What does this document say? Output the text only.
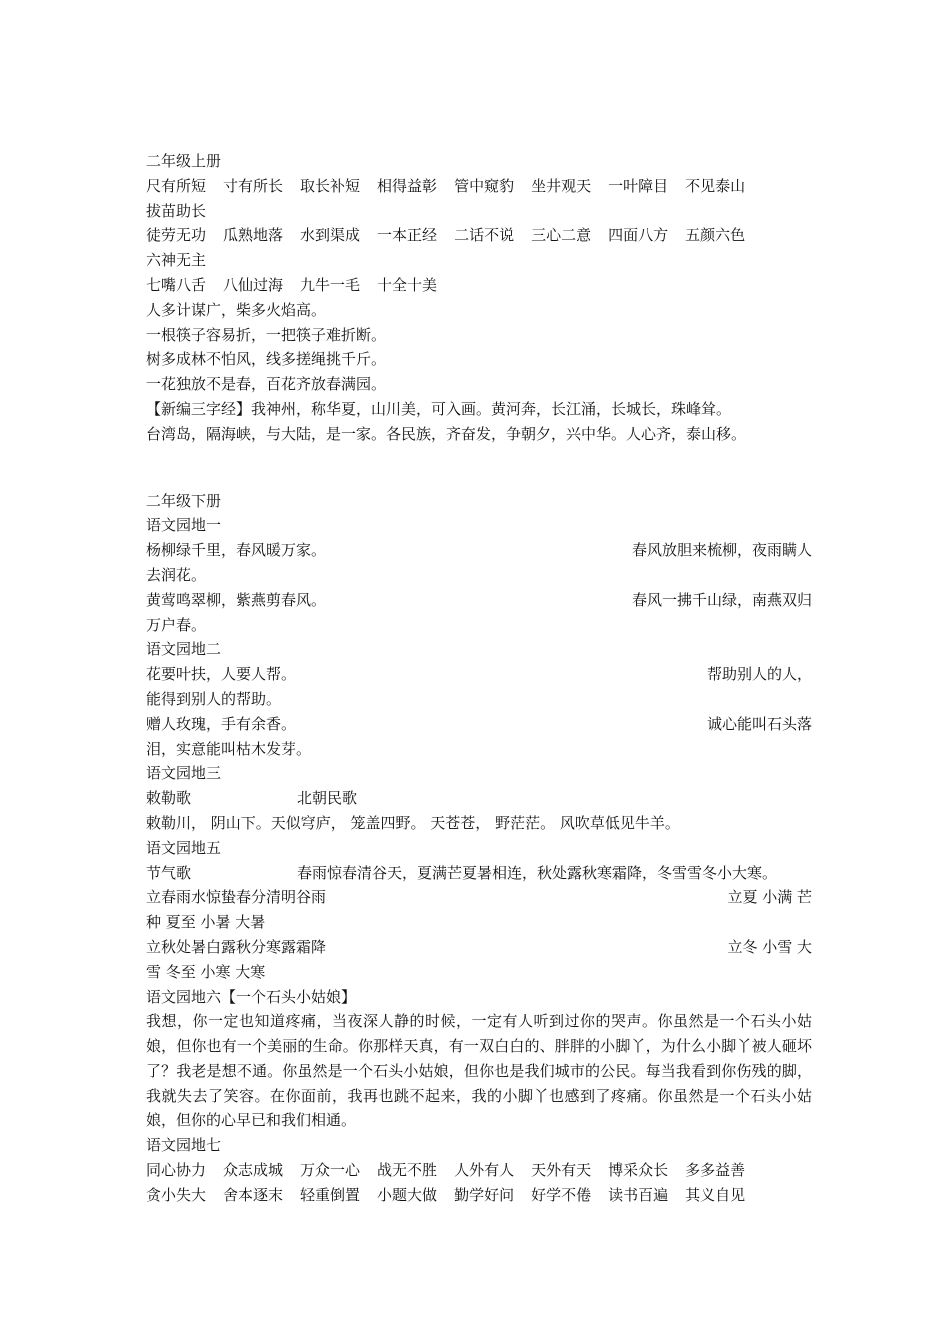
二年级上册
尺有所短 寸有所长 取长补短 相得益彰 管中窥豹 坐井观天 一叶障目 不见泰山
拔苗助长
徒劳无功 瓜熟地落 水到渠成 一本正经 二话不说 三心二意 四面八方 五颜六色
六神无主
七嘴八舌 八仙过海 九牛一毛 十全十美
人多计谋广，柴多火焰高。
一根筷子容易折，一把筷子难折断。
树多成林不怕风，线多搓绳挑千斤。
一花独放不是春，百花齐放春满园。
【新编三字经】我神州，称华夏，山川美，可入画。黄河奔，长江涌，长城长，珠峰耸。
台湾岛，隔海峡，与大陆，是一家。各民族，齐奋发，争朝夕，兴中华。人心齐，泰山移。
二年级下册
语文园地一
杨柳绿千里，春风暖万家。	春风放胆来梳柳，夜雨瞒人
去润花。
黄莺鸣翠柳，紫燕剪春风。	春风一拂千山绿，南燕双归
万户春。
语文园地二
花要叶扶，人要人帮。	帮助别人的人，
能得到别人的帮助。
赠人玫瑰，手有余香。	诚心能叫石头落
泪，实意能叫枯木发芽。
语文园地三
敕勒歌	北朝民歌
敕勒川， 阴山下。天似穹庐， 笼盖四野。 天苍苍， 野茫茫。 风吹草低见牛羊。
语文园地五
节气歌	春雨惊春清谷天，夏满芒夏暑相连，秋处露秋寒霜降，冬雪雪冬小大寒。
立春雨水惊蛰春分清明谷雨	立夏 小满 芒
种 夏至 小暑 大暑
立秋处暑白露秋分寒露霜降	立冬 小雪 大
雪 冬至 小寒 大寒
语文园地六【一个石头小姑娘】
我想，你一定也知道疼痛，当夜深人静的时候，一定有人听到过你的哭声。你虽然是一个石头小姑娘，但你也有一个美丽的生命。你那样天真，有一双白白的、胖胖的小脚丫，为什么小脚丫被人砸坏了？我老是想不通。你虽然是一个石头小姑娘，但你也是我们城市的公民。每当我看到你伤残的脚，我就失去了笑容。在你面前，我再也跳不起来，我的小脚丫也感到了疼痛。你虽然是一个石头小姑娘，但你的心早已和我们相通。
语文园地七
同心协力 众志成城 万众一心 战无不胜 人外有人 天外有天 博采众长 多多益善
贪小失大 舍本逐末 轻重倒置 小题大做 勤学好问 好学不倦 读书百遍 其义自见
